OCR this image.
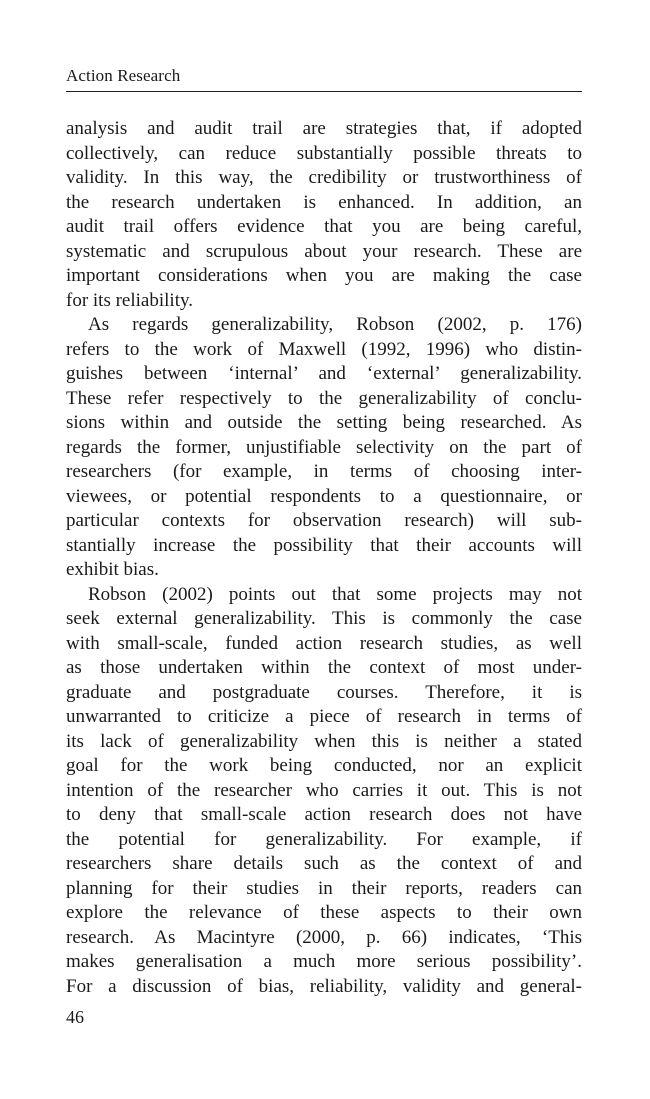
Action Research
analysis and audit trail are strategies that, if adopted
collectively, can reduce substantially possible threats to
validity. In this way, the credibility or trustworthiness of
the research undertaken is enhanced. In addition, an
audit trail offers evidence that you are being careful,
systematic and scrupulous about your research. These are
important considerations when you are making the case
for its reliability.
As regards generalizability, Robson (2002, p. 176)
refers to the work of Maxwell (1992, 1996) who distin-
guishes between ‘internal’ and ‘external’ generalizability.
These refer respectively to the generalizability of conclu-
sions within and outside the setting being researched. As
regards the former, unjustifiable selectivity on the part of
researchers (for example, in terms of choosing inter-
viewees, or potential respondents to a questionnaire, or
particular contexts for observation research) will sub-
stantially increase the possibility that their accounts will
exhibit bias.
Robson (2002) points out that some projects may not
seek external generalizability. This is commonly the case
with small-scale, funded action research studies, as well
as those undertaken within the context of most under-
graduate and postgraduate courses. Therefore, it is
unwarranted to criticize a piece of research in terms of
its lack of generalizability when this is neither a stated
goal for the work being conducted, nor an explicit
intention of the researcher who carries it out. This is not
to deny that small-scale action research does not have
the potential for generalizability. For example, if
researchers share details such as the context of and
planning for their studies in their reports, readers can
explore the relevance of these aspects to their own
research. As Macintyre (2000, p. 66) indicates, ‘This
makes generalisation a much more serious possibility’.
For a discussion of bias, reliability, validity and general-
46
